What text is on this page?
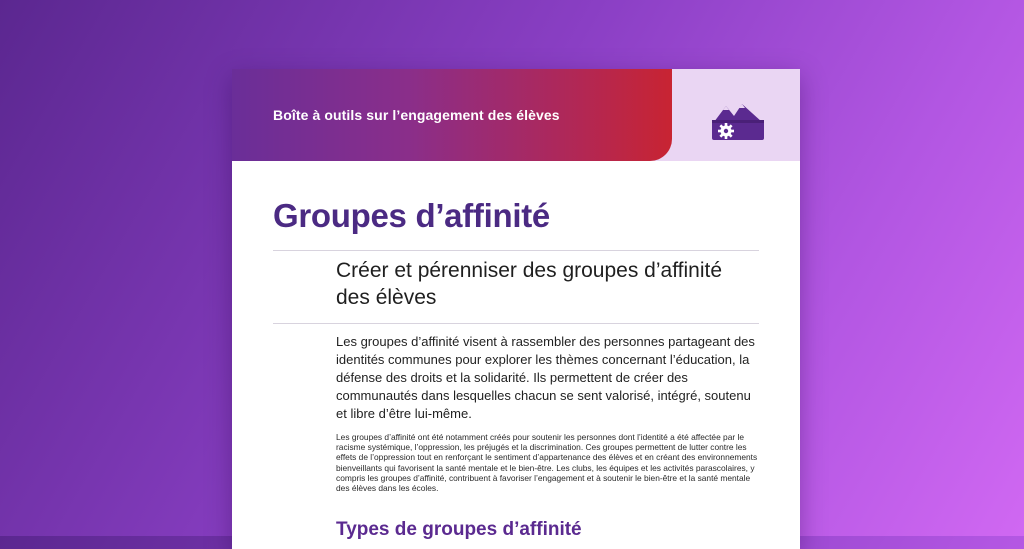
Boîte à outils sur l’engagement des élèves
Groupes d’affinité
Créer et pérenniser des groupes d’affinité des élèves

Les groupes d’affinité visent à rassembler des personnes partageant des identités communes pour explorer les thèmes concernant l’éducation, la défense des droits et la solidarité. Ils permettent de créer des communautés dans lesquelles chacun se sent valorisé, intégré, soutenu et libre d’être lui-même.

Les groupes d’affinité ont été notamment créés pour soutenir les personnes dont l’identité a été affectée par le racisme systémique, l’oppression, les préjugés et la discrimination. Ces groupes permettent de lutter contre les effets de l’oppression tout en renforçant le sentiment d’appartenance des élèves et en créant des environnements bienveillants qui favorisent la santé mentale et le bien-être. Les clubs, les équipes et les activités parascolaires, y compris les groupes d’affinité, contribuent à favoriser l’engagement et à soutenir le bien-être et la santé mentale des élèves dans les écoles.

Types de groupes d’affinité
